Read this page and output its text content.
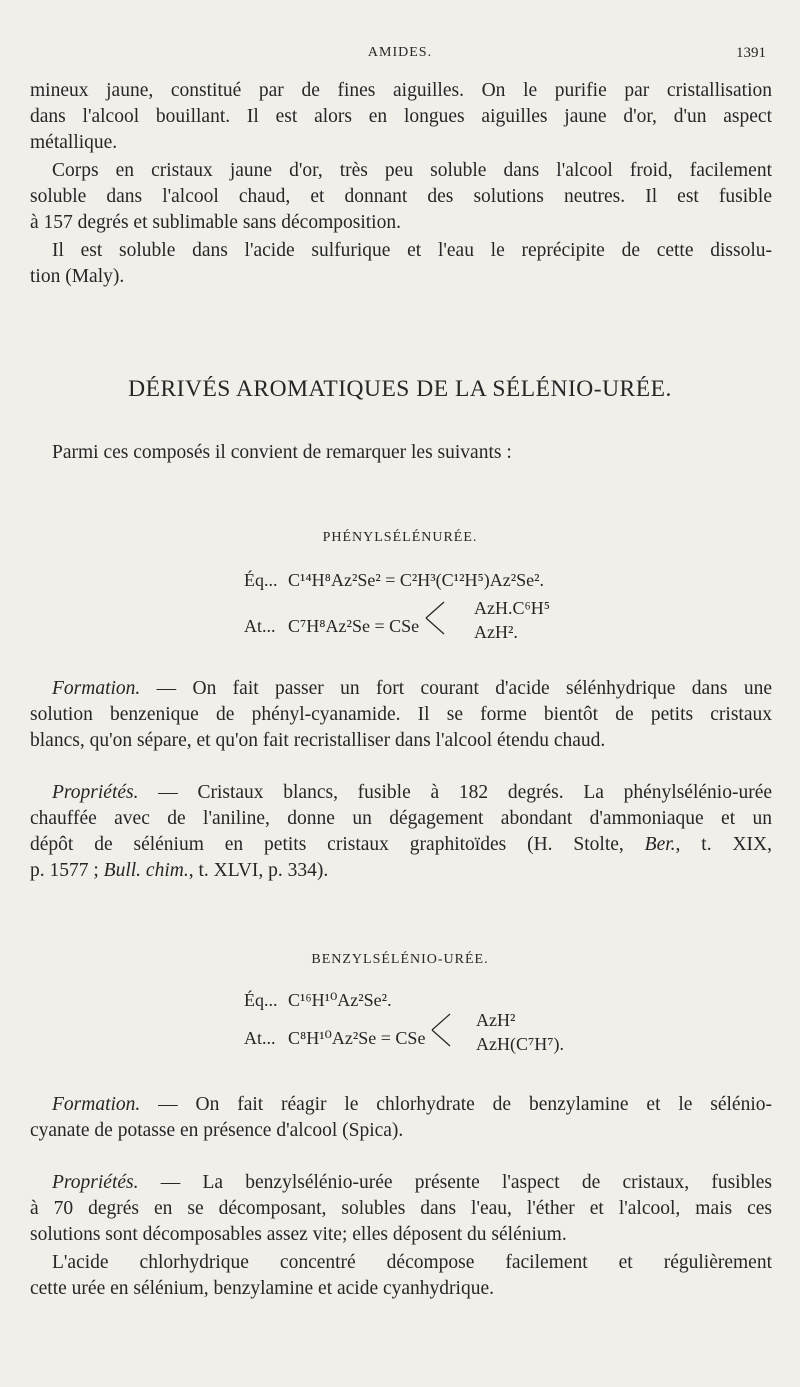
AMIDES.	1391
mineux jaune, constitué par de fines aiguilles. On le purifie par cristallisation
dans l'alcool bouillant. Il est alors en longues aiguilles jaune d'or, d'un aspect
métallique.
Corps en cristaux jaune d'or, très peu soluble dans l'alcool froid, facilement
soluble dans l'alcool chaud, et donnant des solutions neutres. Il est fusible
à 157 degrés et sublimable sans décomposition.
Il est soluble dans l'acide sulfurique et l'eau le reprécipite de cette dissolu-
tion (Maly).
DÉRIVÉS AROMATIQUES DE LA SÉLÉNIO-URÉE.
Parmi ces composés il convient de remarquer les suivants :
PHÉNYLSÉLÉNURÉE.
Éq... C¹⁴H⁸Az²Se² = C²H³(C¹²H⁵)Az²Se².
At... C⁷H⁸Az²Se = CSe
AzH.C⁶H⁵
AzH².
Formation. — On fait passer un fort courant d'acide sélénhydrique dans une
solution benzenique de phényl-cyanamide. Il se forme bientôt de petits cristaux
blancs, qu'on sépare, et qu'on fait recristalliser dans l'alcool étendu chaud.
Propriétés. — Cristaux blancs, fusible à 182 degrés. La phénylsélénio-urée
chauffée avec de l'aniline, donne un dégagement abondant d'ammoniaque et un
dépôt de sélénium en petits cristaux graphitoïdes (H. Stolte, Ber., t. XIX,
p. 1577 ; Bull. chim., t. XLVI, p. 334).
BENZYLSÉLÉNIO-URÉE.
Éq... C¹⁶H¹⁰Az²Se².
At... C⁸H¹⁰Az²Se = CSe
AzH²
AzH(C⁷H⁷).
Formation. — On fait réagir le chlorhydrate de benzylamine et le sélénio-
cyanate de potasse en présence d'alcool (Spica).
Propriétés. — La benzylsélénio-urée présente l'aspect de cristaux, fusibles
à 70 degrés en se décomposant, solubles dans l'eau, l'éther et l'alcool, mais ces
solutions sont décomposables assez vite; elles déposent du sélénium.
L'acide chlorhydrique concentré décompose facilement et régulièrement
cette urée en sélénium, benzylamine et acide cyanhydrique.
